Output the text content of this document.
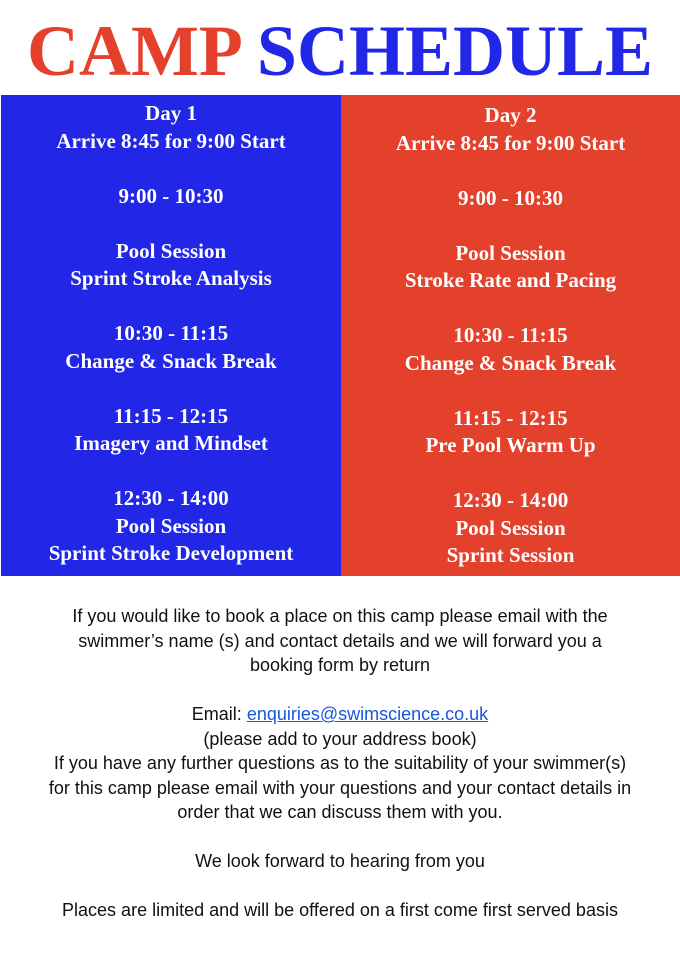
CAMP SCHEDULE
Day 1
Arrive 8:45 for 9:00 Start
9:00 - 10:30
Pool Session
Sprint Stroke Analysis
10:30 - 11:15
Change & Snack Break
11:15 - 12:15
Imagery and Mindset
12:30 - 14:00
Pool Session
Sprint Stroke Development
Day 2
Arrive 8:45 for 9:00 Start
9:00 - 10:30
Pool Session
Stroke Rate and Pacing
10:30 - 11:15
Change & Snack Break
11:15 - 12:15
Pre Pool Warm Up
12:30 - 14:00
Pool Session
Sprint Session

If you would like to book a place on this camp please email with the

swimmer’s name (s) and contact details and we will forward you a

booking form by return

Email: enquiries@swimscience.co.uk

(please add to your address book)

If you have any further questions as to the suitability of your swimmer(s)

for this camp please email with your questions and your contact details in

order that we can discuss them with you.

We look forward to hearing from you

Places are limited and will be offered on a first come first served basis
